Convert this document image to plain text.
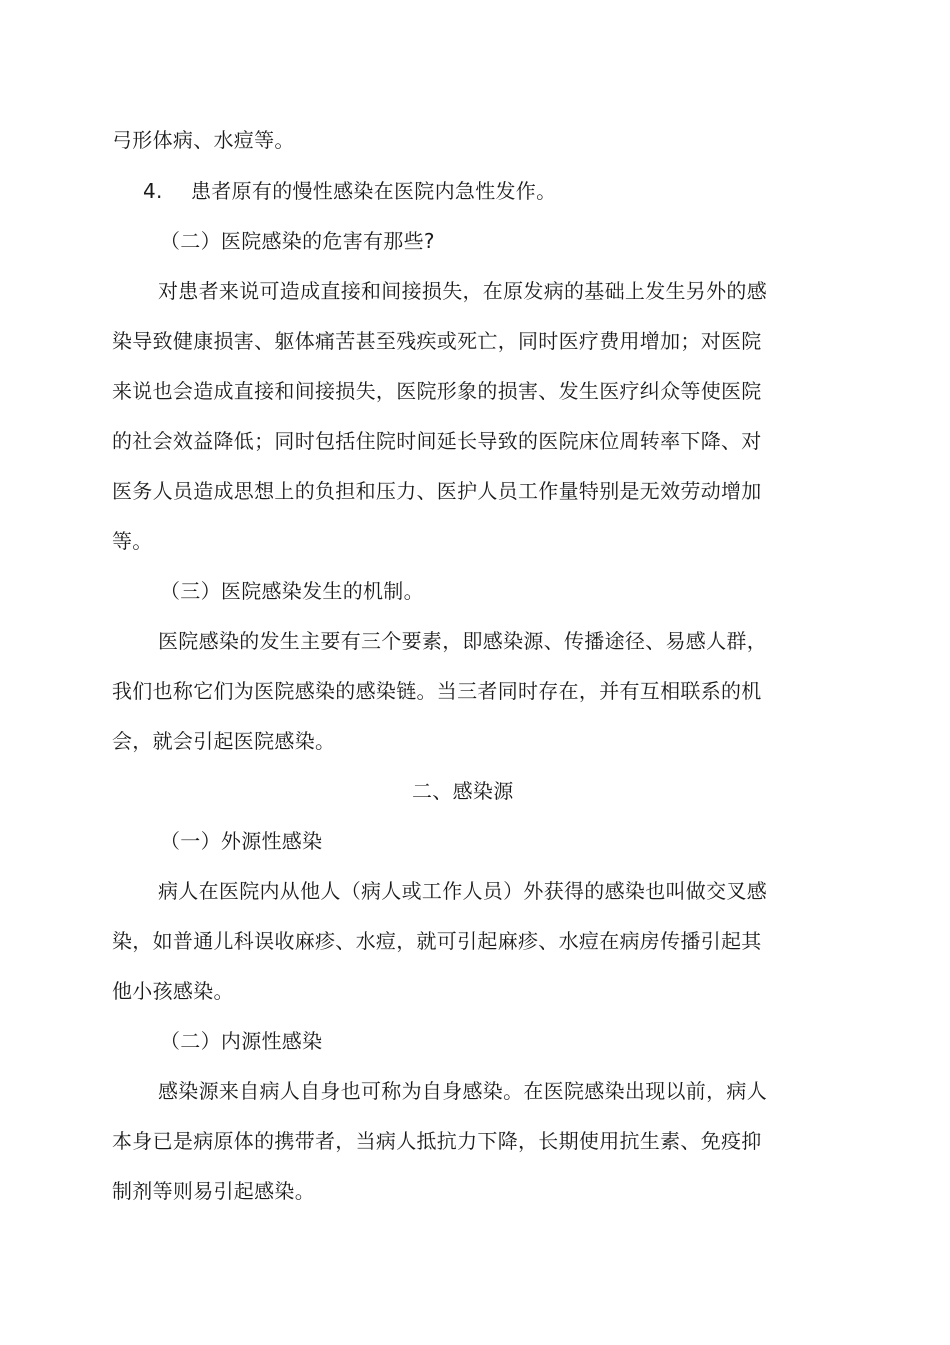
弓形体病、水痘等。
4. 患者原有的慢性感染在医院内急性发作。
（二）医院感染的危害有那些?
对患者来说可造成直接和间接损失，在原发病的基础上发生另外的感
染导致健康损害、躯体痛苦甚至残疾或死亡，同时医疗费用增加；对医院
来说也会造成直接和间接损失，医院形象的损害、发生医疗纠众等使医院
的社会效益降低；同时包括住院时间延长导致的医院床位周转率下降、对
医务人员造成思想上的负担和压力、医护人员工作量特别是无效劳动增加
等。
（三）医院感染发生的机制。
医院感染的发生主要有三个要素，即感染源、传播途径、易感人群，
我们也称它们为医院感染的感染链。当三者同时存在，并有互相联系的机
会，就会引起医院感染。
二、感染源
（一）外源性感染
病人在医院内从他人（病人或工作人员）外获得的感染也叫做交叉感
染，如普通儿科误收麻疹、水痘，就可引起麻疹、水痘在病房传播引起其
他小孩感染。
（二）内源性感染
感染源来自病人自身也可称为自身感染。在医院感染出现以前，病人
本身已是病原体的携带者，当病人抵抗力下降，长期使用抗生素、免疫抑
制剂等则易引起感染。
